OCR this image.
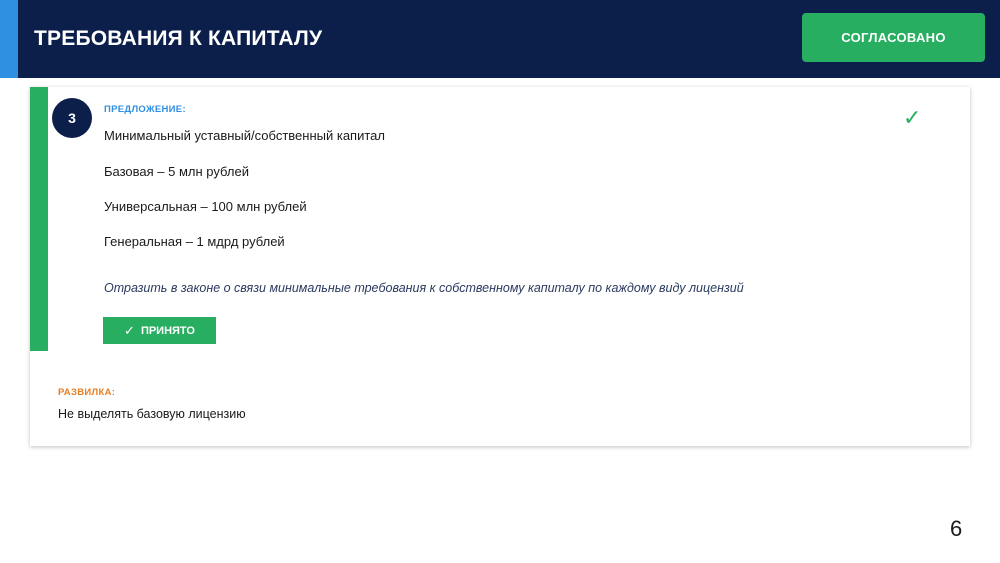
ТРЕБОВАНИЯ К КАПИТАЛУ	СОГЛАСОВАНО
3
ПРЕДЛОЖЕНИЕ:	✓
Минимальный уставный/собственный капитал
Базовая – 5 млн рублей
Универсальная – 100 млн рублей
Генеральная – 1 мдрд рублей
Отразить в законе о связи минимальные требования к собственному капиталу по каждому виду лицензий
✓ ПРИНЯТО
РАЗВИЛКА:
Не выделять базовую лицензию
6
